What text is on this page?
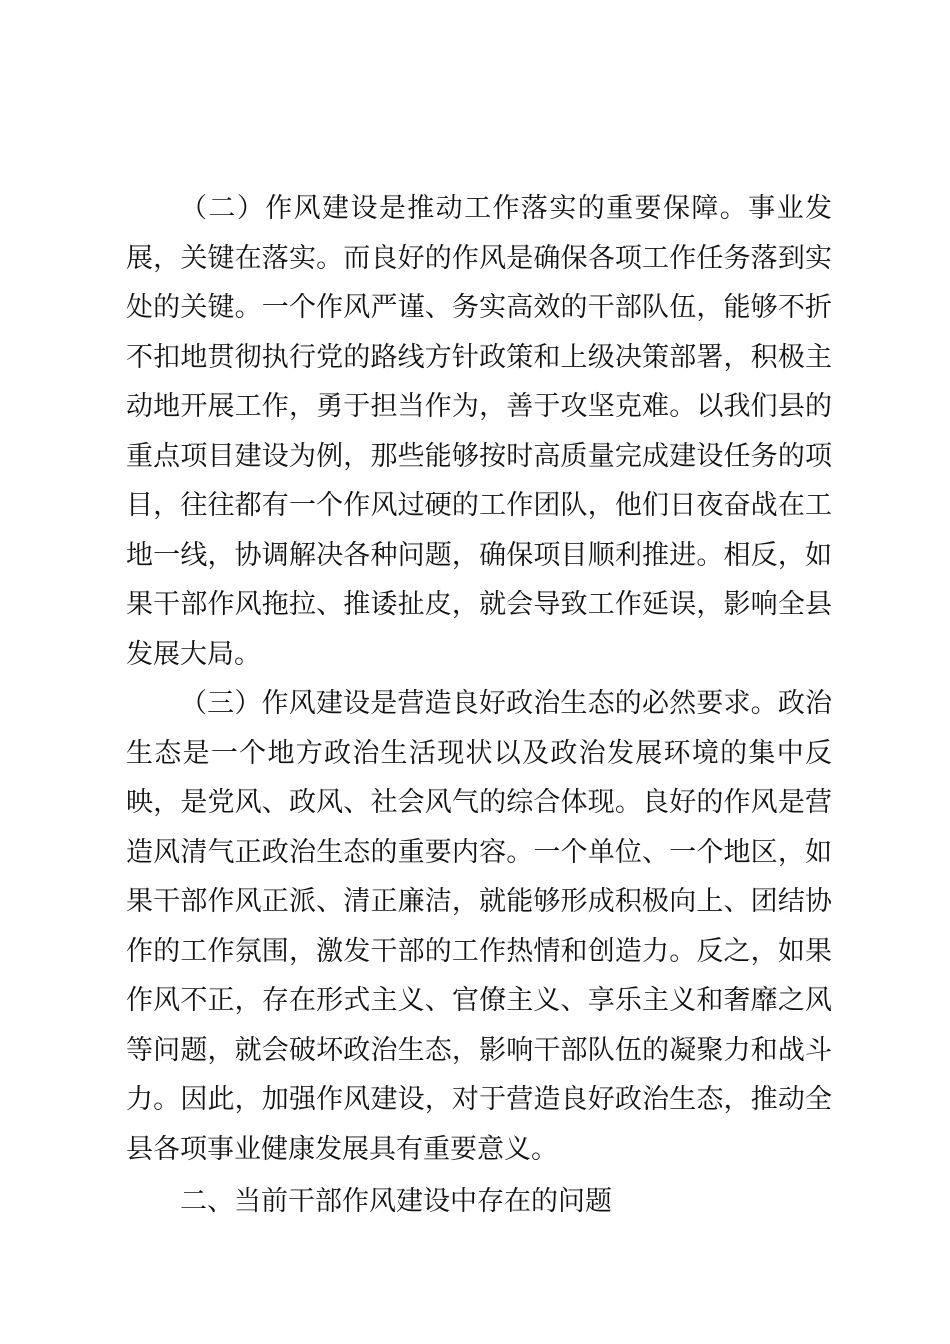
（二）作风建设是推动工作落实的重要保障。事业发展，关键在落实。而良好的作风是确保各项工作任务落到实处的关键。一个作风严谨、务实高效的干部队伍，能够不折不扣地贯彻执行党的路线方针政策和上级决策部署，积极主动地开展工作，勇于担当作为，善于攻坚克难。以我们县的重点项目建设为例，那些能够按时高质量完成建设任务的项目，往往都有一个作风过硬的工作团队，他们日夜奋战在工地一线，协调解决各种问题，确保项目顺利推进。相反，如果干部作风拖拉、推诿扯皮，就会导致工作延误，影响全县发展大局。

（三）作风建设是营造良好政治生态的必然要求。政治生态是一个地方政治生活现状以及政治发展环境的集中反映，是党风、政风、社会风气的综合体现。良好的作风是营造风清气正政治生态的重要内容。一个单位、一个地区，如果干部作风正派、清正廉洁，就能够形成积极向上、团结协作的工作氛围，激发干部的工作热情和创造力。反之，如果作风不正，存在形式主义、官僚主义、享乐主义和奢靡之风等问题，就会破坏政治生态，影响干部队伍的凝聚力和战斗力。因此，加强作风建设，对于营造良好政治生态，推动全县各项事业健康发展具有重要意义。

二、当前干部作风建设中存在的问题
